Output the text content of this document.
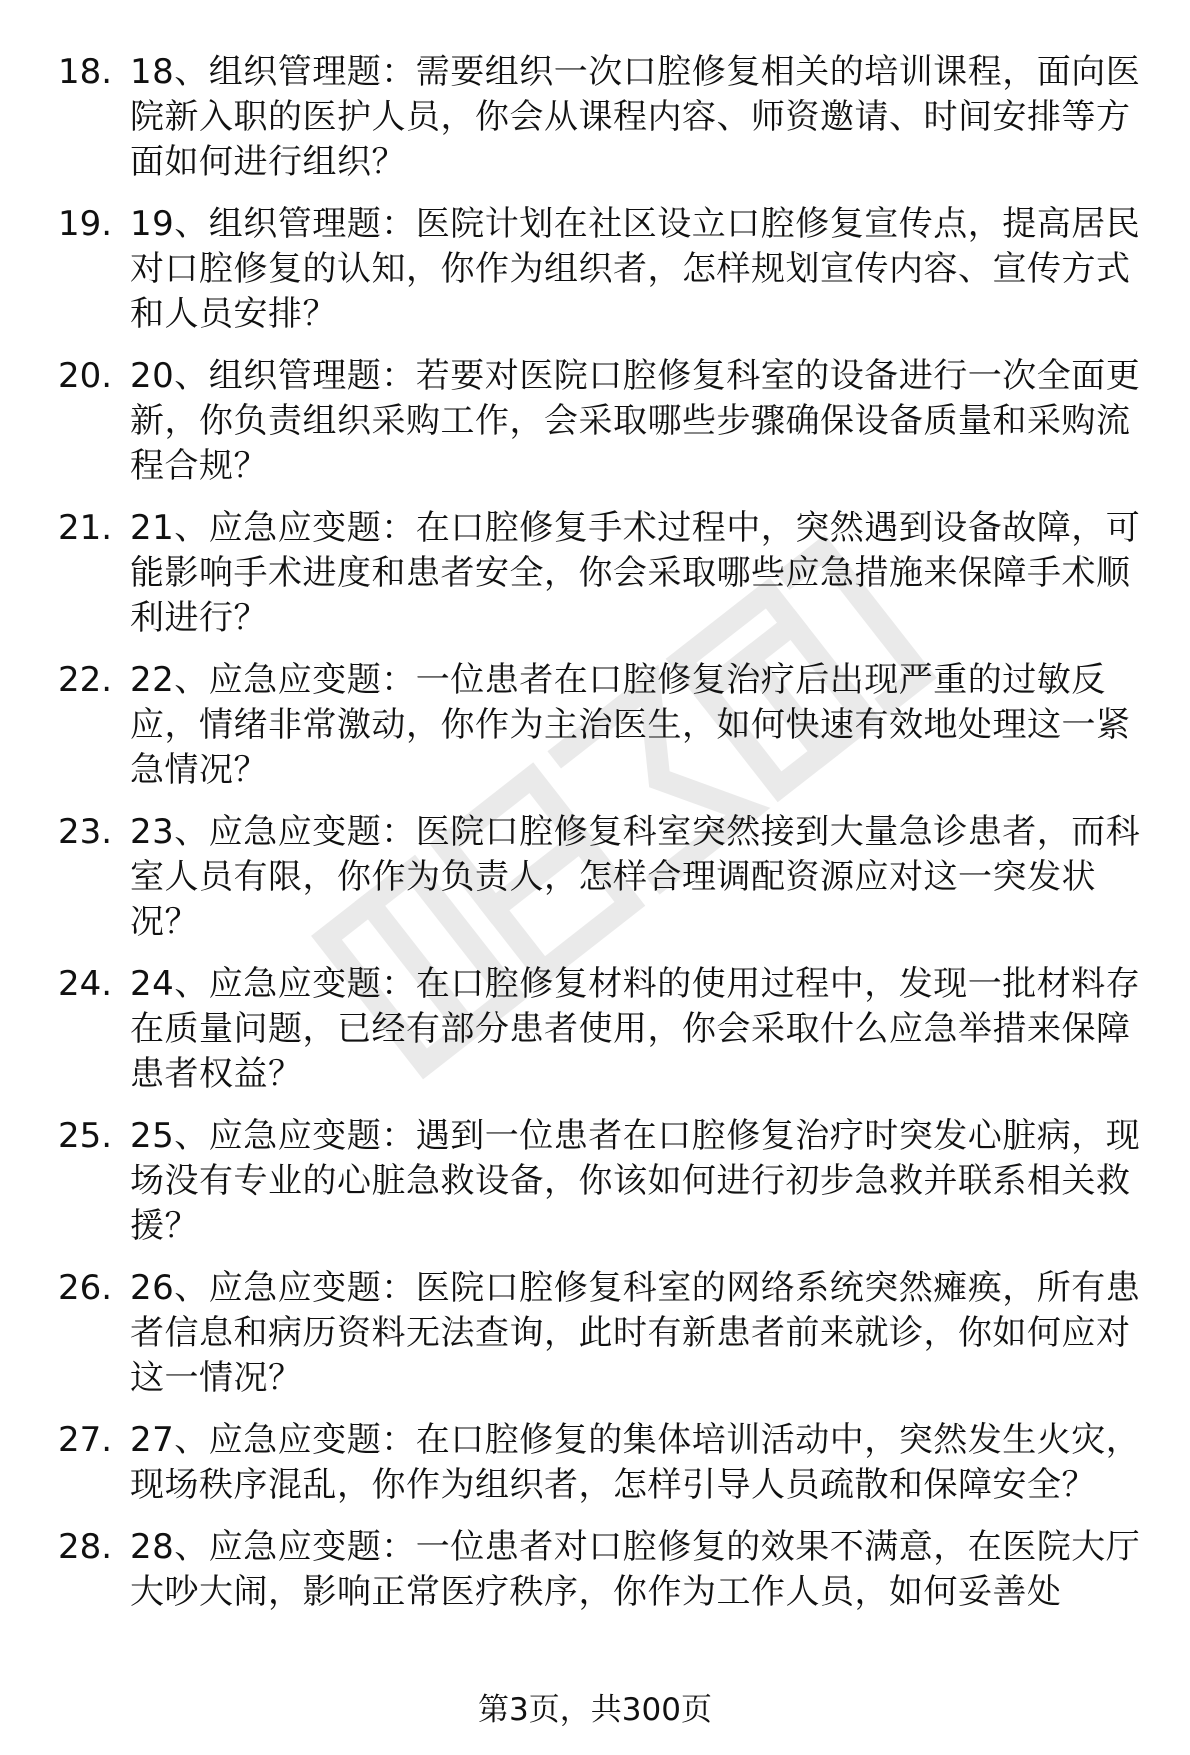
18. 18、组织管理题：需要组织一次口腔修复相关的培训课程，面向医院新入职的医护人员，你会从课程内容、师资邀请、时间安排等方面如何进行组织？
19. 19、组织管理题：医院计划在社区设立口腔修复宣传点，提高居民对口腔修复的认知，你作为组织者，怎样规划宣传内容、宣传方式和人员安排？
20. 20、组织管理题：若要对医院口腔修复科室的设备进行一次全面更新，你负责组织采购工作，会采取哪些步骤确保设备质量和采购流程合规？
21. 21、应急应变题：在口腔修复手术过程中，突然遇到设备故障，可能影响手术进度和患者安全，你会采取哪些应急措施来保障手术顺利进行？
22. 22、应急应变题：一位患者在口腔修复治疗后出现严重的过敏反应，情绪非常激动，你作为主治医生，如何快速有效地处理这一紧急情况？
23. 23、应急应变题：医院口腔修复科室突然接到大量急诊患者，而科室人员有限，你作为负责人，怎样合理调配资源应对这一突发状况？
24. 24、应急应变题：在口腔修复材料的使用过程中，发现一批材料存在质量问题，已经有部分患者使用，你会采取什么应急举措来保障患者权益？
25. 25、应急应变题：遇到一位患者在口腔修复治疗时突发心脏病，现场没有专业的心脏急救设备，你该如何进行初步急救并联系相关救援？
26. 26、应急应变题：医院口腔修复科室的网络系统突然瘫痪，所有患者信息和病历资料无法查询，此时有新患者前来就诊，你如何应对这一情况？
27. 27、应急应变题：在口腔修复的集体培训活动中，突然发生火灾，现场秩序混乱，你作为组织者，怎样引导人员疏散和保障安全？
28. 28、应急应变题：一位患者对口腔修复的效果不满意，在医院大厅大吵大闹，影响正常医疗秩序，你作为工作人员，如何妥善处
第3页，共300页
